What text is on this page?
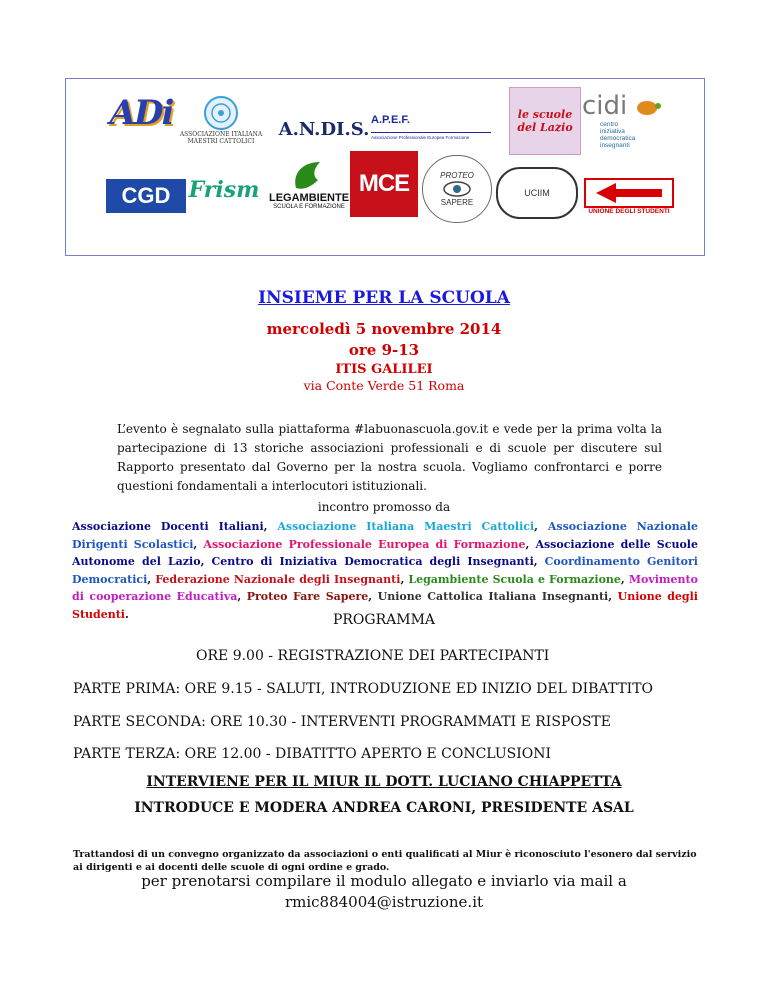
ADi
ASSOCIAZIONE ITALIANA
MAESTRI CATTOLICI
A.N.DI.S. A.P.E.F.
Associazione Professionale Europea Formazione
le scuole del Lazio
cidi
centro
iniziativa
democratica
insegnanti
CGD Frism LEGAMBIENTE
SCUOLA E FORMAZIONE
MCE	PROTEO
SAPERE
UCIIM
UNIONE DEGLI STUDENTI
INSIEME PER LA SCUOLA
mercoledì 5 novembre 2014
ore 9-13
ITIS GALILEI
via Conte Verde 51 Roma
L’evento è segnalato sulla piattaforma #labuonascuola.gov.it e vede per la prima volta la partecipazione di 13 storiche associazioni professionali e di scuole per discutere sul Rapporto presentato dal Governo per la nostra scuola. Vogliamo confrontarci e porre questioni fondamentali a interlocutori istituzionali.
incontro promosso da
Associazione Docenti Italiani, Associazione Italiana Maestri Cattolici, Associazione Nazionale Dirigenti Scolastici, Associazione Professionale Europea di Formazione, Associazione delle Scuole Autonome del Lazio, Centro di Iniziativa Democratica degli Insegnanti, Coordinamento Genitori Democratici, Federazione Nazionale degli Insegnanti, Legambiente Scuola e Formazione, Movimento di cooperazione Educativa, Proteo Fare Sapere, Unione Cattolica Italiana Insegnanti, Unione degli Studenti.	PROGRAMMA
ORE 9.00 - REGISTRAZIONE DEI PARTECIPANTI
PARTE PRIMA: ORE 9.15 - SALUTI, INTRODUZIONE ED INIZIO DEL DIBATTITO
PARTE SECONDA: ORE 10.30 - INTERVENTI PROGRAMMATI E RISPOSTE
PARTE TERZA: ORE 12.00 - DIBATITTO APERTO E CONCLUSIONI
INTERVIENE PER IL MIUR IL DOTT. LUCIANO CHIAPPETTA
INTRODUCE E MODERA ANDREA CARONI, PRESIDENTE ASAL
Trattandosi di un convegno organizzato da associazioni o enti qualificati al Miur è riconosciuto l'esonero dal servizio ai dirigenti e ai docenti delle scuole di ogni ordine e grado.
per prenotarsi compilare il modulo allegato e inviarlo via mail a
rmic884004@istruzione.it
